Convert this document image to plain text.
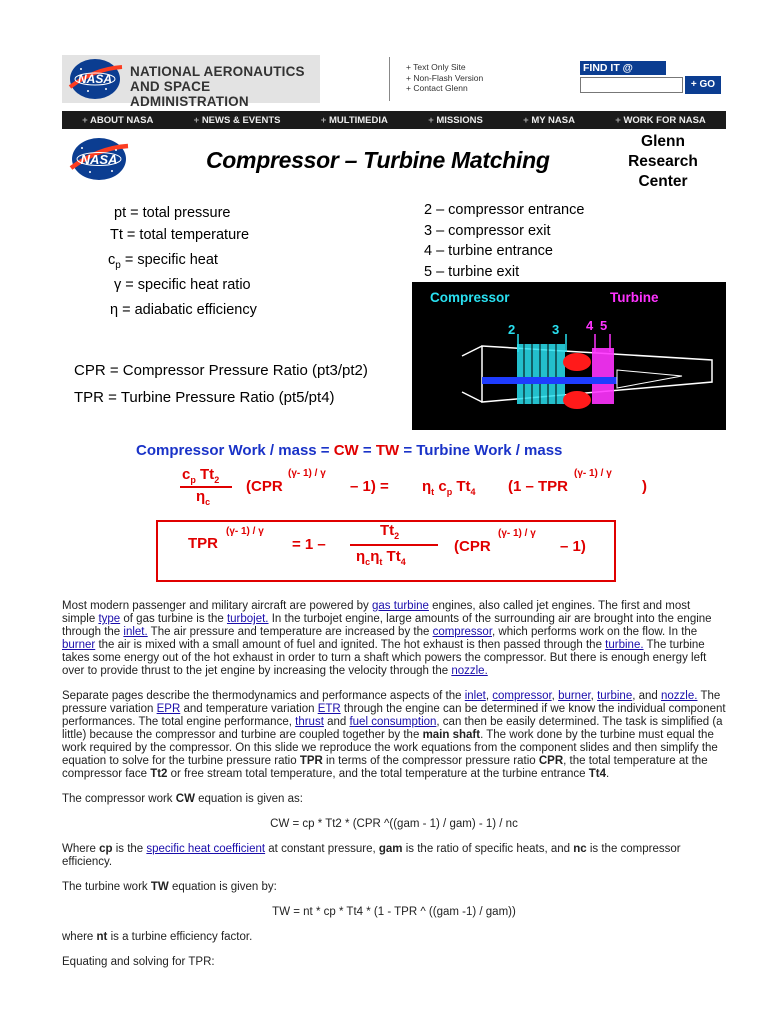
NASA NATIONAL AERONAUTICS
AND SPACE ADMINISTRATION
+ Text Only Site
+ Non-Flash Version
+ Contact Glenn
FIND IT @
+ GO
+ ABOUT NASA	+ NEWS & EVENTS	+ MULTIMEDIA	+ MISSIONS	+ MY NASA	+ WORK FOR NASA
NASA	Compressor – Turbine Matching
Glenn
Research
Center
pt = total pressure
Tt = total temperature
$c_p$ = specific heat
γ = specific heat ratio
η = adiabatic efficiency
2 – compressor entrance
3 – compressor exit
4 – turbine entrance
5 – turbine exit
CPR = Compressor Pressure Ratio (pt3/pt2)
TPR = Turbine Pressure Ratio (pt5/pt4)
Compressor	Turbine
2	3 4 5
Compressor Work / mass = CW = TW = Turbine Work / mass
$c_p$ $Tt_2$
$\eta_c$
(CPR
(γ- 1) / γ
– $1) = \eta_t$ $c_p$ $Tt_4$ (1 – TPR
(γ- 1) / γ
)
TPR
(γ- 1) / γ
= 1 –
$Tt_2$
$\eta_c\eta_t$ $Tt_4$
(CPR
(γ- 1) / γ
– 1)

Most modern passenger and military aircraft are powered by gas turbine engines, also called jet engines. The first and most simple type of gas turbine is the turbojet. In the turbojet engine, large amounts of the surrounding air are brought into the engine through the inlet. The air pressure and temperature are increased by the compressor, which performs work on the flow. In the burner the air is mixed with a small amount of fuel and ignited. The hot exhaust is then passed through the turbine. The turbine takes some energy out of the hot exhaust in order to turn a shaft which powers the compressor. But there is enough energy left over to provide thrust to the jet engine by increasing the velocity through the nozzle.

Separate pages describe the thermodynamics and performance aspects of the inlet, compressor, burner, turbine, and nozzle. The pressure variation EPR and temperature variation ETR through the engine can be determined if we know the individual component performances. The total engine performance, thrust and fuel consumption, can then be easily determined. The task is simplified (a little) because the compressor and turbine are coupled together by the main shaft. The work done by the turbine must equal the work required by the compressor. On this slide we reproduce the work equations from the component slides and then simplify the equation to solve for the turbine pressure ratio TPR in terms of the compressor pressure ratio CPR, the total temperature at the compressor face Tt2 or free stream total temperature, and the total temperature at the turbine entrance Tt4.

The compressor work CW equation is given as:

CW = cp * Tt2 * (CPR ^((gam - 1) / gam) - 1) / nc

Where cp is the specific heat coefficient at constant pressure, gam is the ratio of specific heats, and nc is the compressor efficiency.

The turbine work TW equation is given by:

TW = nt * cp * Tt4 * (1 - TPR ^ ((gam -1) / gam))

where nt is a turbine efficiency factor.

Equating and solving for TPR:
